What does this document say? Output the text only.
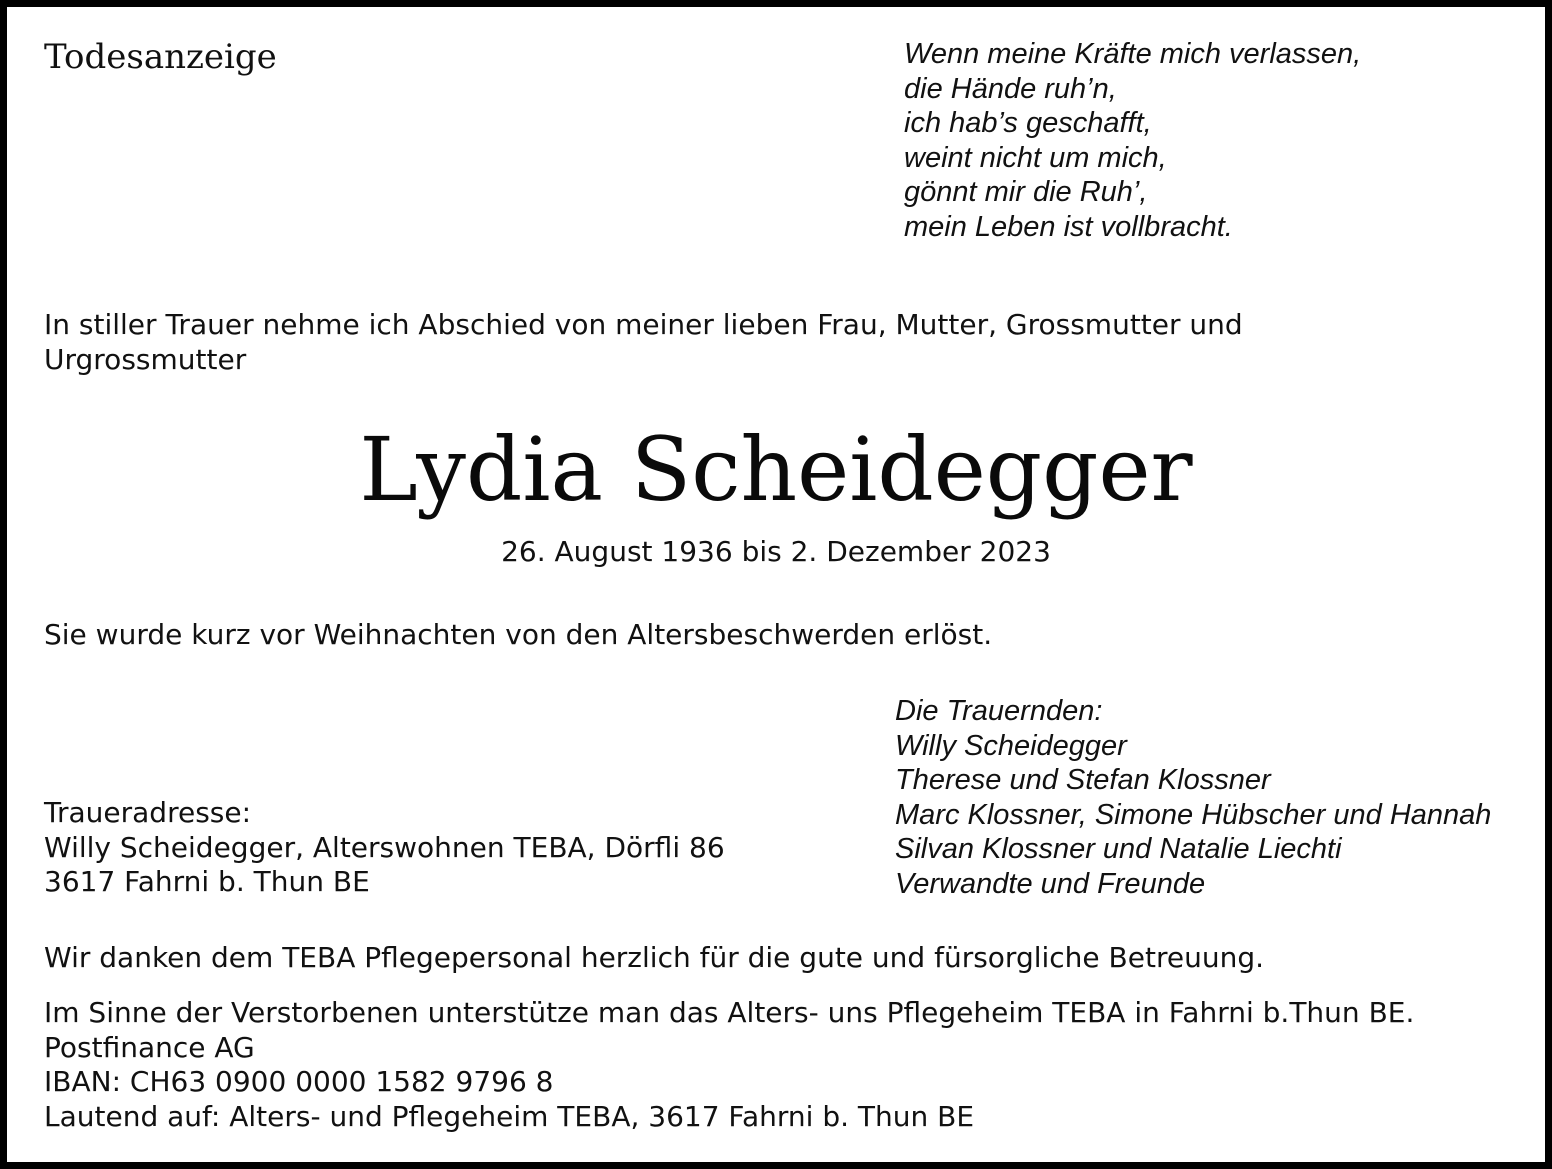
Todesanzeige	Wenn meine Kräfte mich verlassen,
die Hände ruh’n,
ich hab’s geschafft,
weint nicht um mich,
gönnt mir die Ruh’,
mein Leben ist vollbracht.
In stiller Trauer nehme ich Abschied von meiner lieben Frau, Mutter, Grossmutter und
Urgrossmutter
Lydia Scheidegger
26. August 1936 bis 2. Dezember 2023
Sie wurde kurz vor Weihnachten von den Altersbeschwerden erlöst.
Die Trauernden:
Willy Scheidegger
Therese und Stefan Klossner
Marc Klossner, Simone Hübscher und Hannah
Silvan Klossner und Natalie Liechti
Verwandte und Freunde
Traueradresse:
Willy Scheidegger, Alterswohnen TEBA, Dörfli 86
3617 Fahrni b. Thun BE
Wir danken dem TEBA Pflegepersonal herzlich für die gute und fürsorgliche Betreuung.
Im Sinne der Verstorbenen unterstütze man das Alters- uns Pflegeheim TEBA in Fahrni b.Thun BE.
Postfinance AG
IBAN: CH63 0900 0000 1582 9796 8
Lautend auf: Alters- und Pflegeheim TEBA, 3617 Fahrni b. Thun BE
